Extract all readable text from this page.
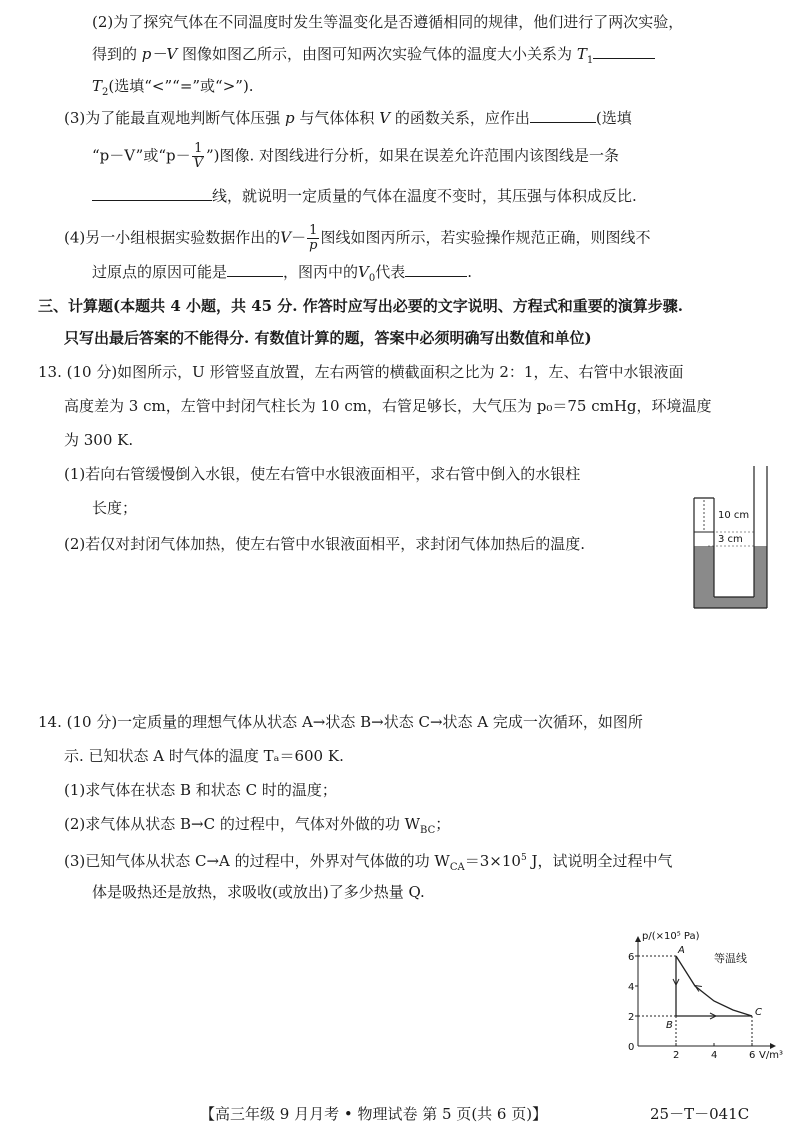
(2)为了探究气体在不同温度时发生等温变化是否遵循相同的规律，他们进行了两次实验，
得到的 p－V 图像如图乙所示，由图可知两次实验气体的温度大小关系为 $T_1$
$T_2$(选填“<”“=”或“>”).
(3)为了能最直观地判断气体压强 p 与气体体积 V 的函数关系，应作出	(选填
“p－V”或“$p- \frac{1}{V}$ ”)图像. 对图线进行分析，如果在误差允许范围内该图线是一条
线，就说明一定质量的气体在温度不变时，其压强与体积成反比.
(4)另一小组根据实验数据作出的$V- \frac{1}{p}$ 图线如图丙所示，若实验操作规范正确，则图线不
过原点的原因可能是	，图丙中的$V_0$代表	.
三、计算题(本题共 4 小题，共 45 分. 作答时应写出必要的文字说明、方程式和重要的演算步骤.
只写出最后答案的不能得分. 有数值计算的题，答案中必须明确写出数值和单位)
13. (10 分)如图所示，U 形管竖直放置，左右两管的横截面积之比为 2：1，左、右管中水银液面
高度差为 3 cm，左管中封闭气柱长为 10 cm，右管足够长，大气压为 p₀＝75 cmHg，环境温度
为 300 K.
(1)若向右管缓慢倒入水银，使左右管中水银液面相平，求右管中倒入的水银柱
长度；
(2)若仅对封闭气体加热，使左右管中水银液面相平，求封闭气体加热后的温度.
10 cm
3 cm
14. (10 分)一定质量的理想气体从状态 A→状态 B→状态 C→状态 A 完成一次循环，如图所
示. 已知状态 A 时气体的温度 Tₐ＝600 K.
(1)求气体在状态 B 和状态 C 时的温度；
(2)求气体从状态 B→C 的过程中，气体对外做的功 $W_{BC}$；
(3)已知气体从状态 C→A 的过程中，外界对气体做的功 $W_{CA}=3\times 10^5$ J，试说明全过程中气
体是吸热还是放热，求吸收(或放出)了多少热量 Q.
p/(×10⁵ Pa)
V/m³
0
2
4
6
2	4	6
A
B
C
等温线
【高三年级 9 月月考 • 物理试卷 第 5 页(共 6 页)】	25－T－041C
